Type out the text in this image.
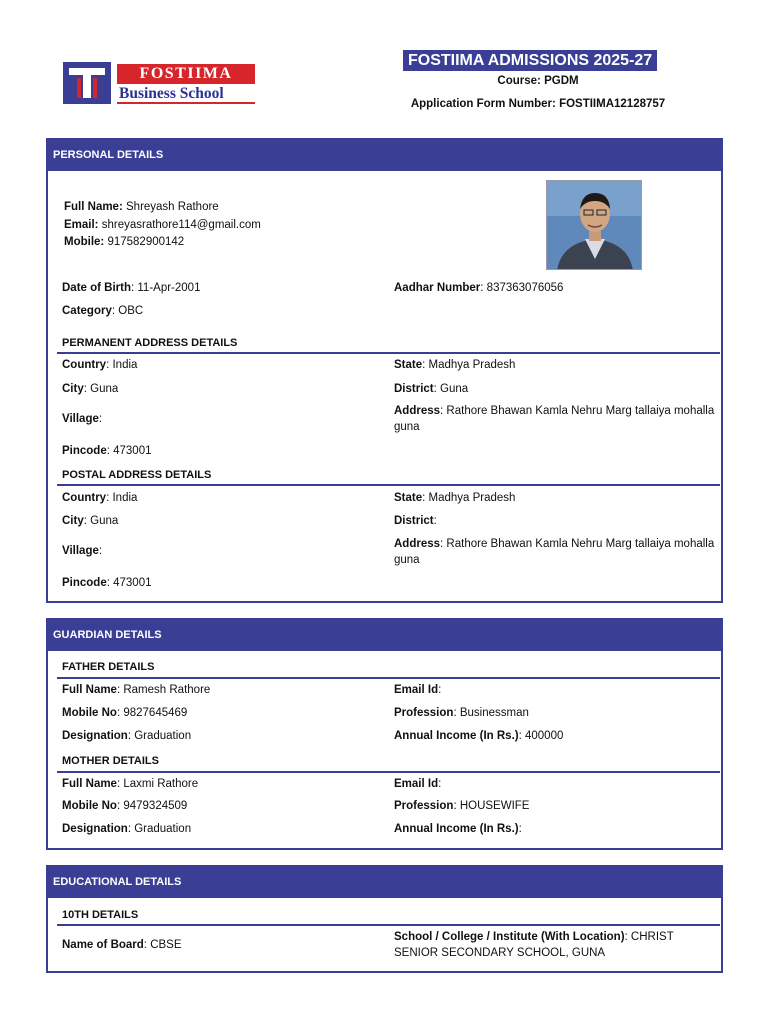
FOSTIIMA
Business School
FOSTIIMA ADMISSIONS 2025-27
Course: PGDM
Application Form Number: FOSTIIMA12128757
PERSONAL DETAILS
Full Name: Shreyash Rathore
Email: shreyasrathore114@gmail.com
Mobile: 917582900142
Date of Birth: 11-Apr-2001	Aadhar Number: 837363076056
Category: OBC
PERMANENT ADDRESS DETAILS
Country: India	State: Madhya Pradesh
City: Guna	District: Guna
Village:
Address: Rathore Bhawan Kamla Nehru Marg tallaiya mohalla guna
Pincode: 473001
POSTAL ADDRESS DETAILS
Country: India	State: Madhya Pradesh
City: Guna	District:
Village:
Address: Rathore Bhawan Kamla Nehru Marg tallaiya mohalla guna
Pincode: 473001
GUARDIAN DETAILS
FATHER DETAILS
Full Name: Ramesh Rathore	Email Id:
Mobile No: 9827645469	Profession: Businessman
Designation: Graduation	Annual Income (In Rs.): 400000
MOTHER DETAILS
Full Name: Laxmi Rathore	Email Id:
Mobile No: 9479324509	Profession: HOUSEWIFE
Designation: Graduation	Annual Income (In Rs.):
EDUCATIONAL DETAILS
10TH DETAILS
Name of Board: CBSE
School / College / Institute (With Location): CHRIST SENIOR SECONDARY SCHOOL, GUNA
